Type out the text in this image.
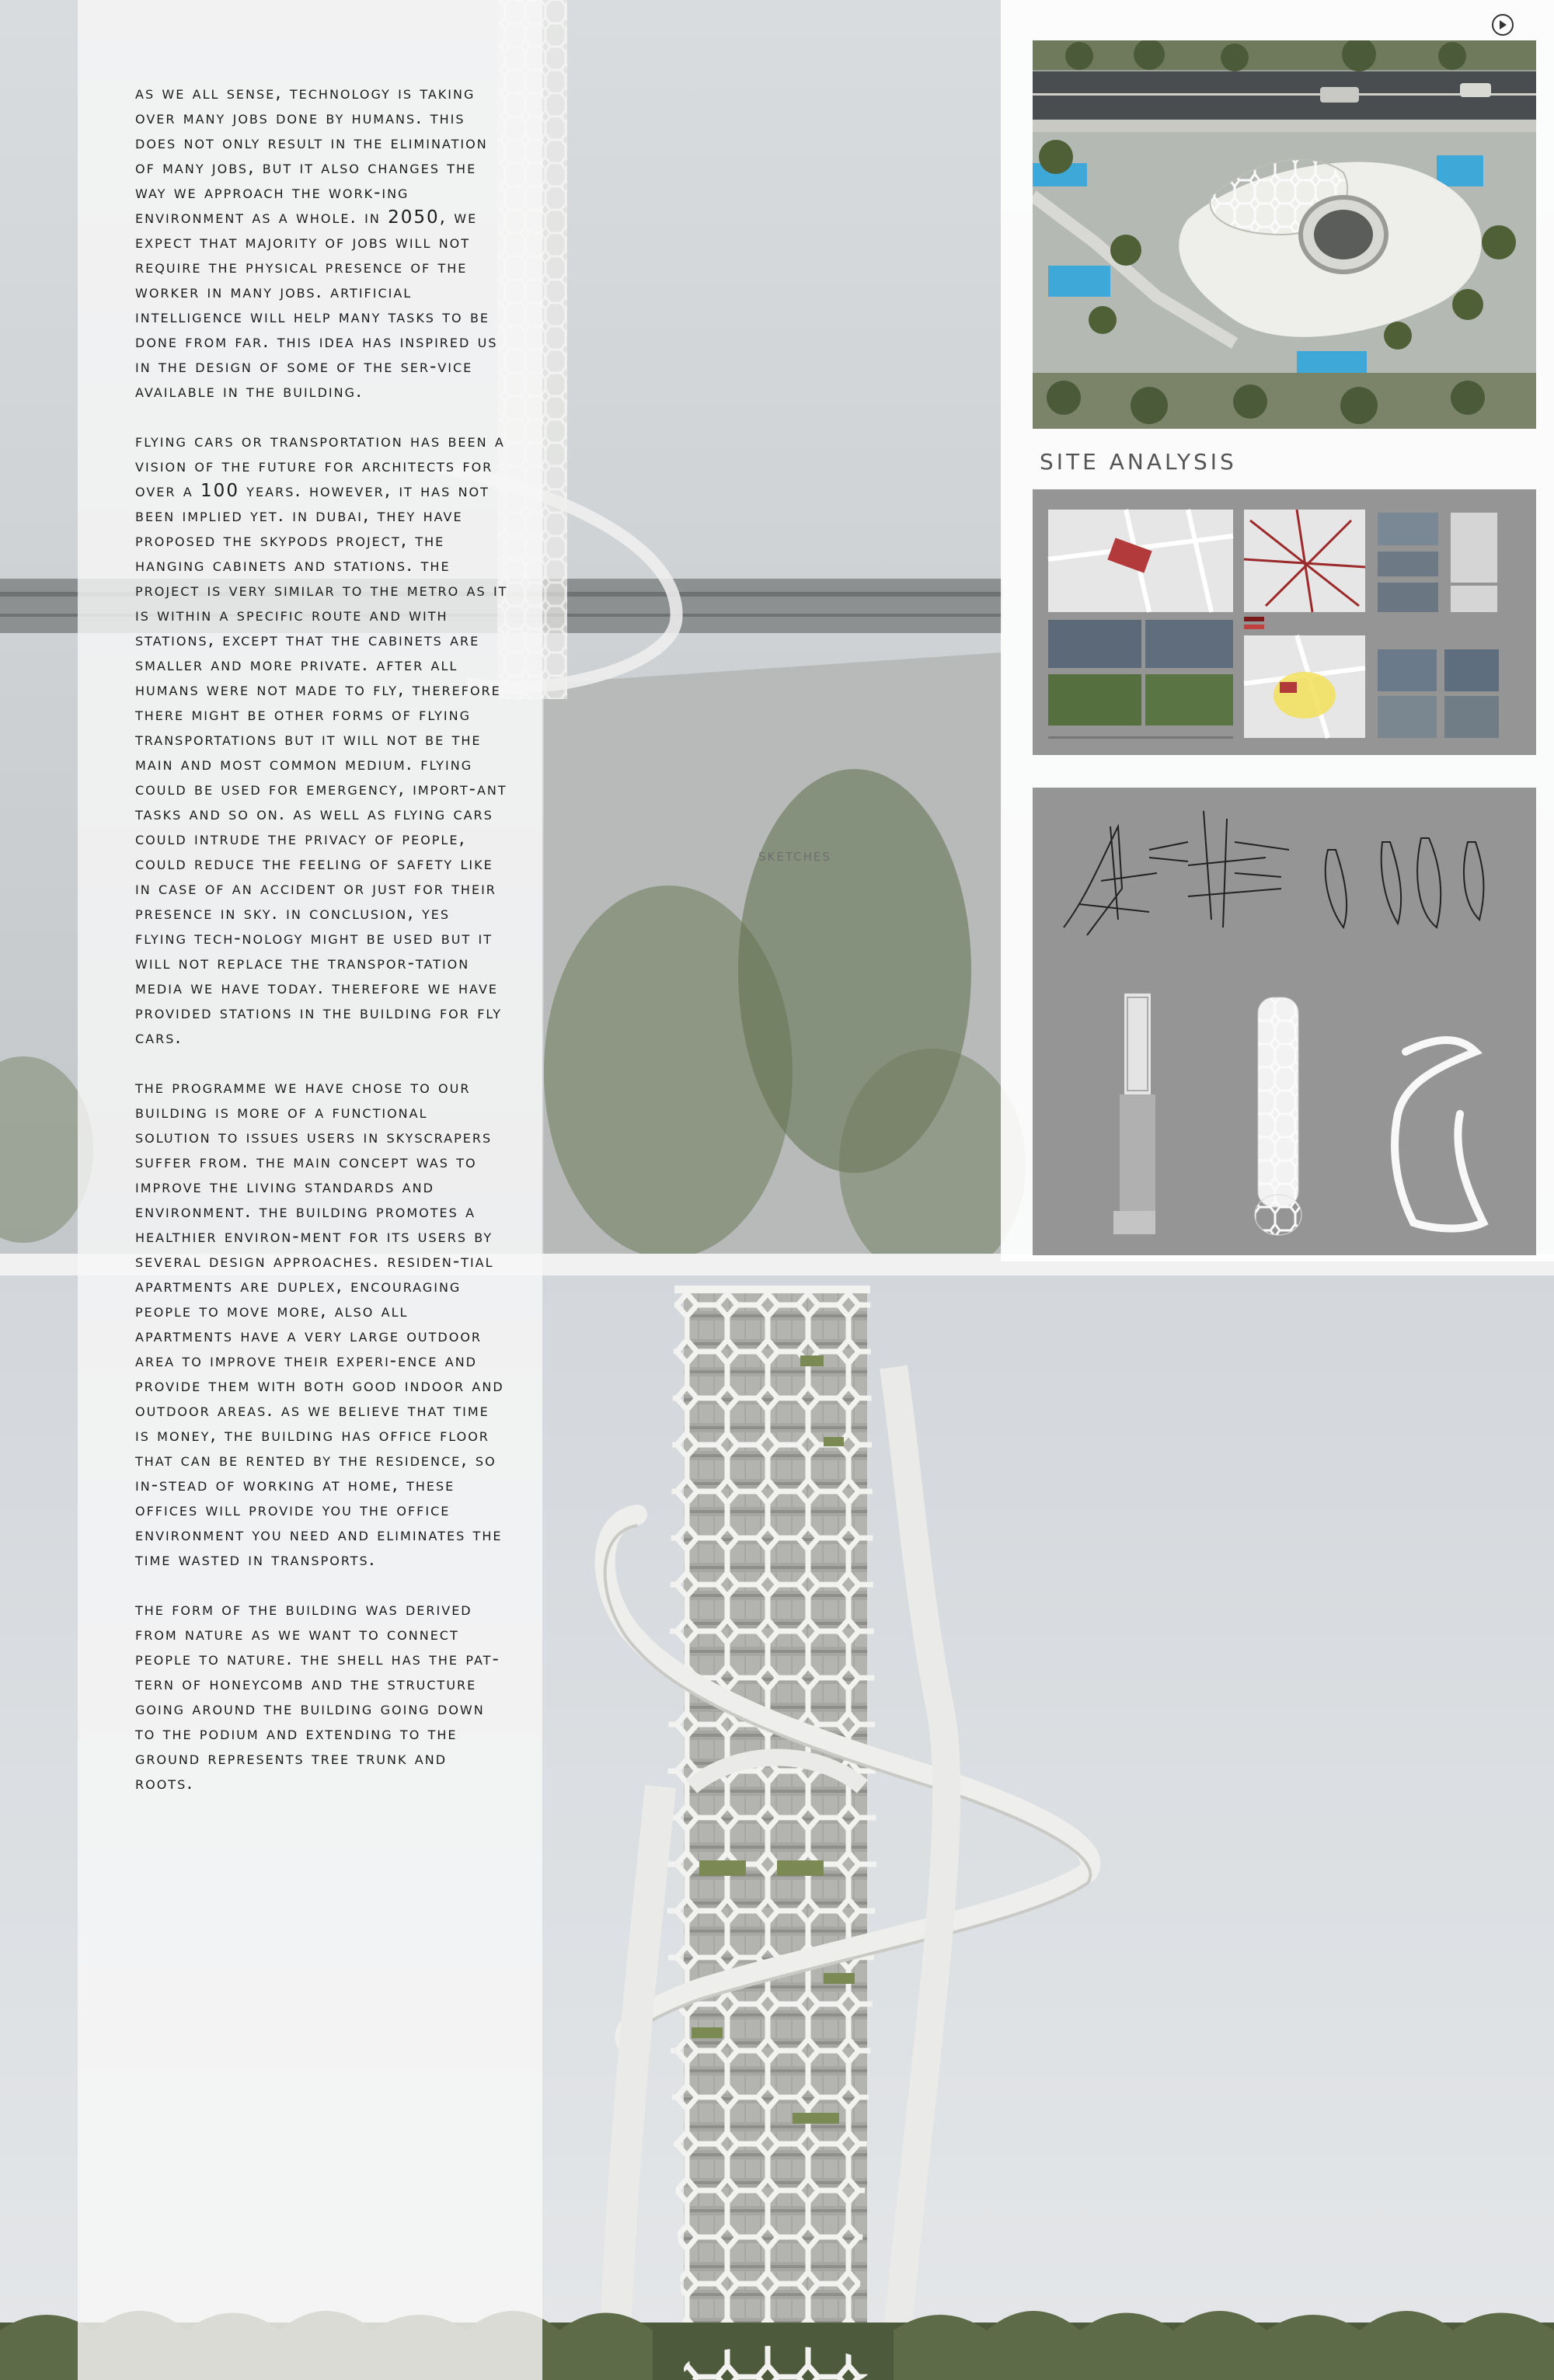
as we all sense, technology is taking over many jobs done by humans. this does not only result in the elimination of many jobs, but it also changes the way we approach the work-ing environment as a whole. in 2050, we expect that majority of jobs will not require the physical presence of the worker in many jobs. artificial intelligence will help many tasks to be done from far. this idea has inspired us in the design of some of the ser-vice available in the building.

flying cars or transportation has been a vision of the future for architects for over a 100 years. however, it has not been implied yet. in dubai, they have proposed the skypods project, the hanging cabinets and stations. the project is very similar to the metro as it is within a specific route and with stations, except that the cabinets are smaller and more private. after all humans were not made to fly, therefore there might be other forms of flying transportations but it will not be the main and most common medium. flying could be used for emergency, import-ant tasks and so on. as well as flying cars could intrude the privacy of people, could reduce the feeling of safety like in case of an accident or just for their presence in sky. in conclusion, yes flying tech-nology might be used but it will not replace the transpor-tation media we have today. therefore we have provided stations in the building for fly cars.

the programme we have chose to our building is more of a functional solution to issues users in skyscrapers suffer from. the main concept was to improve the living standards and environment. the building promotes a healthier environ-ment for its users by several design approaches. residen-tial apartments are duplex, encouraging people to move more, also all apartments have a very large outdoor area to improve their experi-ence and provide them with both good indoor and outdoor areas. as we believe that time is money, the building has office floor that can be rented by the residence, so in-stead of working at home, these offices will provide you the office environment you need and eliminates the time wasted in transports.

the form of the building was derived from nature as we want to connect people to nature. the shell has the pat-tern of honeycomb and the structure going around the building going down to the podium and extending to the ground represents tree trunk and roots.

SKETCHES
SITE ANALYSIS
